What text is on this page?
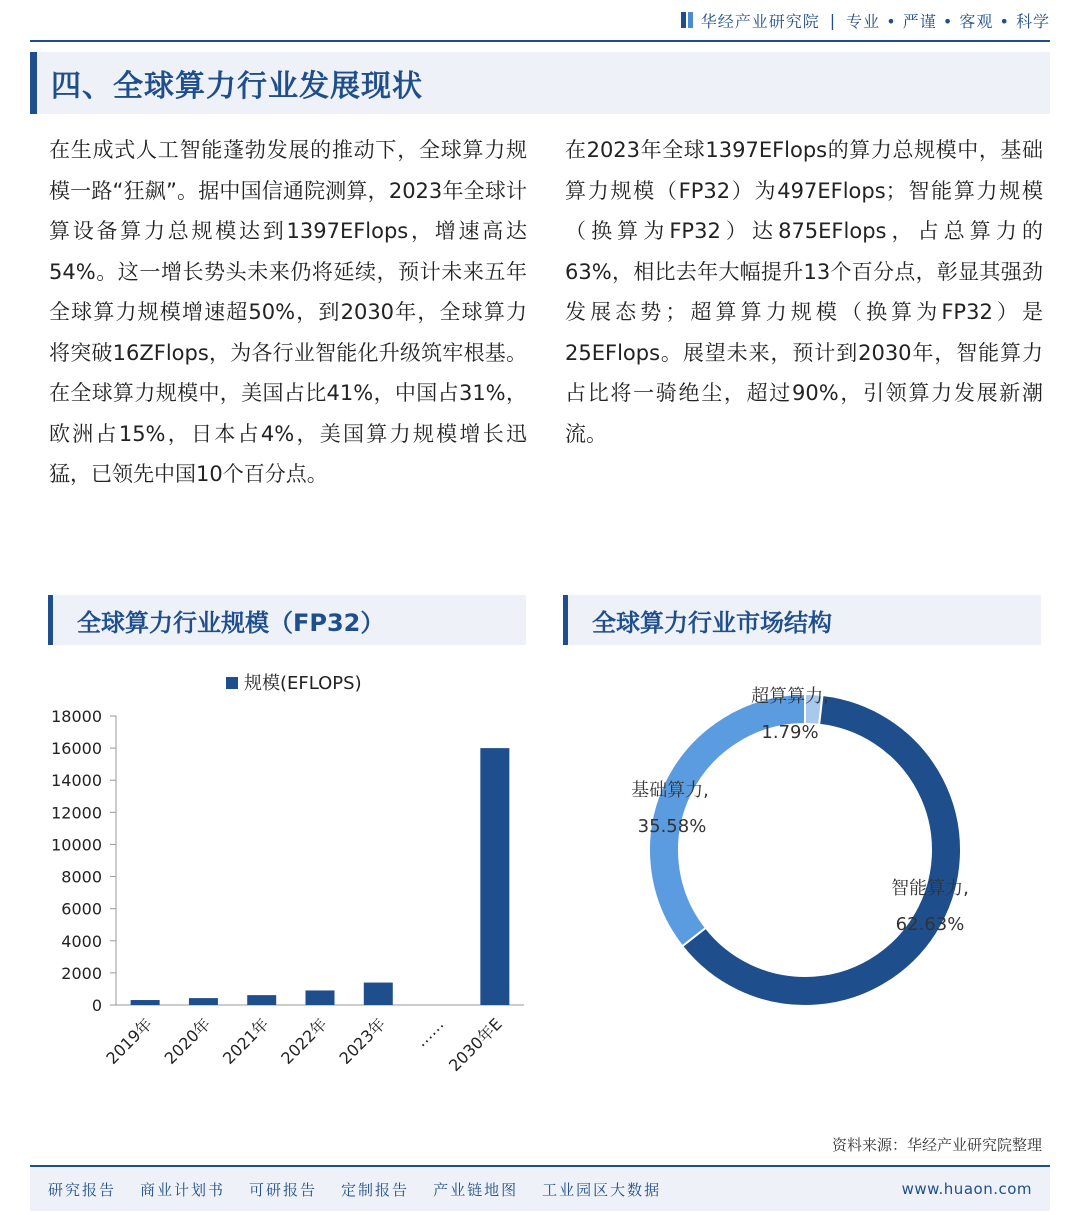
华经产业研究院 | 专业 • 严谨 • 客观 • 科学
四、全球算力行业发展现状

在生成式人工智能蓬勃发展的推动下，全球算力规模一路“狂飙”。据中国信通院测算，2023年全球计算设备算力总规模达到1397EFlops，增速高达54%。这一增长势头未来仍将延续，预计未来五年全球算力规模增速超50%，到2030年，全球算力将突破16ZFlops，为各行业智能化升级筑牢根基。在全球算力规模中，美国占比41%，中国占31%，欧洲占15%，日本占4%，美国算力规模增长迅猛，已领先中国10个百分点。

在2023年全球1397EFlops的算力总规模中，基础算力规模（FP32）为497EFlops；智能算力规模（换算为FP32）达875EFlops，占总算力的63%，相比去年大幅提升13个百分点，彰显其强劲发展态势；超算算力规模（换算为FP32）是25EFlops。展望未来，预计到2030年，智能算力占比将一骑绝尘，超过90%，引领算力发展新潮流。

全球算力行业规模（FP32）	全球算力行业市场结构
规模(EFLOPS)
0
2000
4000
6000
8000
10000
12000
14000
16000
18000
2019年 2020年 2021年 2022年 2023年 ……
2030年E
超算算力,
1.79%
智能算力,
62.63%
基础算力,
35.58%
资料来源：华经产业研究院整理
研究报告 商业计划书 可研报告 定制报告 产业链地图 工业园区大数据	www.huaon.com
